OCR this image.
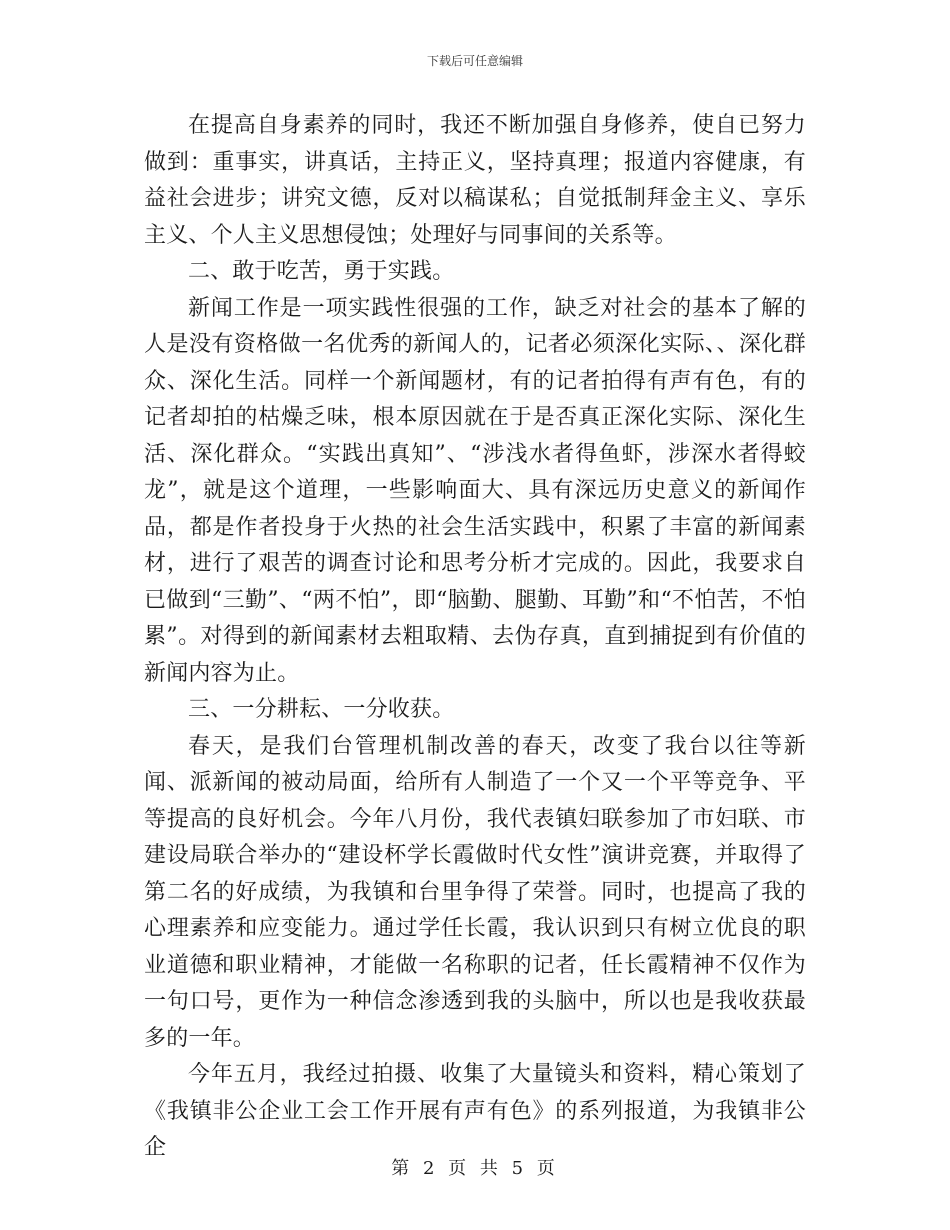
下载后可任意编辑

在提高自身素养的同时，我还不断加强自身修养，使自已努力做到：重事实，讲真话，主持正义，坚持真理；报道内容健康，有益社会进步；讲究文德，反对以稿谋私；自觉抵制拜金主义、享乐主义、个人主义思想侵蚀；处理好与同事间的关系等。

二、敢于吃苦，勇于实践。

新闻工作是一项实践性很强的工作，缺乏对社会的基本了解的人是没有资格做一名优秀的新闻人的，记者必须深化实际、、深化群众、深化生活。同样一个新闻题材，有的记者拍得有声有色，有的记者却拍的枯燥乏味，根本原因就在于是否真正深化实际、深化生活、深化群众。“实践出真知”、“涉浅水者得鱼虾，涉深水者得蛟龙”，就是这个道理，一些影响面大、具有深远历史意义的新闻作品，都是作者投身于火热的社会生活实践中，积累了丰富的新闻素材，进行了艰苦的调查讨论和思考分析才完成的。因此，我要求自已做到“三勤”、“两不怕”，即“脑勤、腿勤、耳勤”和“不怕苦，不怕累”。对得到的新闻素材去粗取精、去伪存真，直到捕捉到有价值的新闻内容为止。

三、一分耕耘、一分收获。

春天，是我们台管理机制改善的春天，改变了我台以往等新闻、派新闻的被动局面，给所有人制造了一个又一个平等竞争、平等提高的良好机会。今年八月份，我代表镇妇联参加了市妇联、市建设局联合举办的“建设杯学长霞做时代女性”演讲竞赛，并取得了第二名的好成绩，为我镇和台里争得了荣誉。同时，也提高了我的心理素养和应变能力。通过学任长霞，我认识到只有树立优良的职业道德和职业精神，才能做一名称职的记者，任长霞精神不仅作为一句口号，更作为一种信念渗透到我的头脑中，所以也是我收获最多的一年。

今年五月，我经过拍摄、收集了大量镜头和资料，精心策划了《我镇非公企业工会工作开展有声有色》的系列报道，为我镇非公企

第 2 页 共 5 页
